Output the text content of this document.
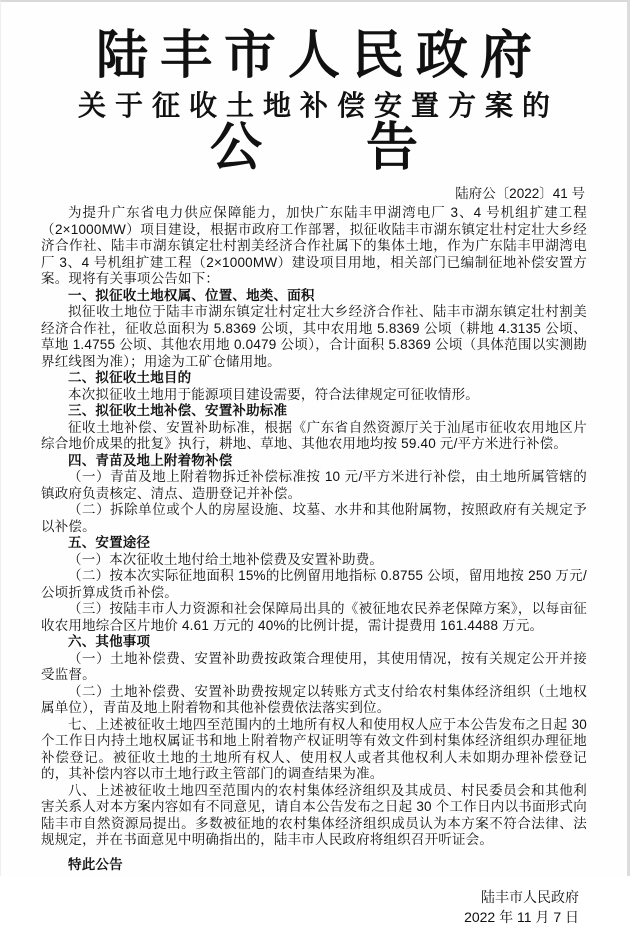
陆丰市人民政府
关于征收土地补偿安置方案的
公　　告
陆府公〔2022〕41 号

为提升广东省电力供应保障能力，加快广东陆丰甲湖湾电厂 3、4 号机组扩建工程（2×1000MW）项目建设，根据市政府工作部署，拟征收陆丰市湖东镇定壮村定壮大乡经济合作社、陆丰市湖东镇定壮村割美经济合作社属下的集体土地，作为广东陆丰甲湖湾电厂 3、4 号机组扩建工程（2×1000MW）建设项目用地，相关部门已编制征地补偿安置方案。现将有关事项公告如下：

一、拟征收土地权属、位置、地类、面积

拟征收土地位于陆丰市湖东镇定壮村定壮大乡经济合作社、陆丰市湖东镇定壮村割美经济合作社，征收总面积为 5.8369 公顷，其中农用地 5.8369 公顷（耕地 4.3135 公顷、草地 1.4755 公顷、其他农用地 0.0479 公顷），合计面积 5.8369 公顷（具体范围以实测勘界红线图为准）；用途为工矿仓储用地。

二、拟征收土地目的

本次拟征收土地用于能源项目建设需要，符合法律规定可征收情形。

三、拟征收土地补偿、安置补助标准

征收土地补偿、安置补助标准，根据《广东省自然资源厅关于汕尾市征收农用地区片综合地价成果的批复》执行，耕地、草地、其他农用地均按 59.40 元/平方米进行补偿。

四、青苗及地上附着物补偿

（一）青苗及地上附着物拆迁补偿标准按 10 元/平方米进行补偿，由土地所属管辖的镇政府负责核定、清点、造册登记并补偿。

（二）拆除单位或个人的房屋设施、坟墓、水井和其他附属物，按照政府有关规定予以补偿。

五、安置途径

（一）本次征收土地付给土地补偿费及安置补助费。

（二）按本次实际征地面积 15%的比例留用地指标 0.8755 公顷，留用地按 250 万元/公顷折算成货币补偿。

（三）按陆丰市人力资源和社会保障局出具的《被征地农民养老保障方案》，以每亩征收农用地综合区片地价 4.61 万元的 40%的比例计提，需计提费用 161.4488 万元。

六、其他事项

（一）土地补偿费、安置补助费按政策合理使用，其使用情况，按有关规定公开并接受监督。

（二）土地补偿费、安置补助费按规定以转账方式支付给农村集体经济组织（土地权属单位），青苗及地上附着物和其他补偿费依法落实到位。

七、上述被征收土地四至范围内的土地所有权人和使用权人应于本公告发布之日起 30 个工作日内持土地权属证书和地上附着物产权证明等有效文件到村集体经济组织办理征地补偿登记。被征收土地的土地所有权人、使用权人或者其他权利人未如期办理补偿登记的，其补偿内容以市土地行政主管部门的调查结果为准。

八、上述被征收土地四至范围内的农村集体经济组织及其成员、村民委员会和其他利害关系人对本方案内容如有不同意见，请自本公告发布之日起 30 个工作日内以书面形式向陆丰市自然资源局提出。多数被征地的农村集体经济组织成员认为本方案不符合法律、法规规定，并在书面意见中明确指出的，陆丰市人民政府将组织召开听证会。

特此公告

陆丰市人民政府
2022 年 11 月 7 日
